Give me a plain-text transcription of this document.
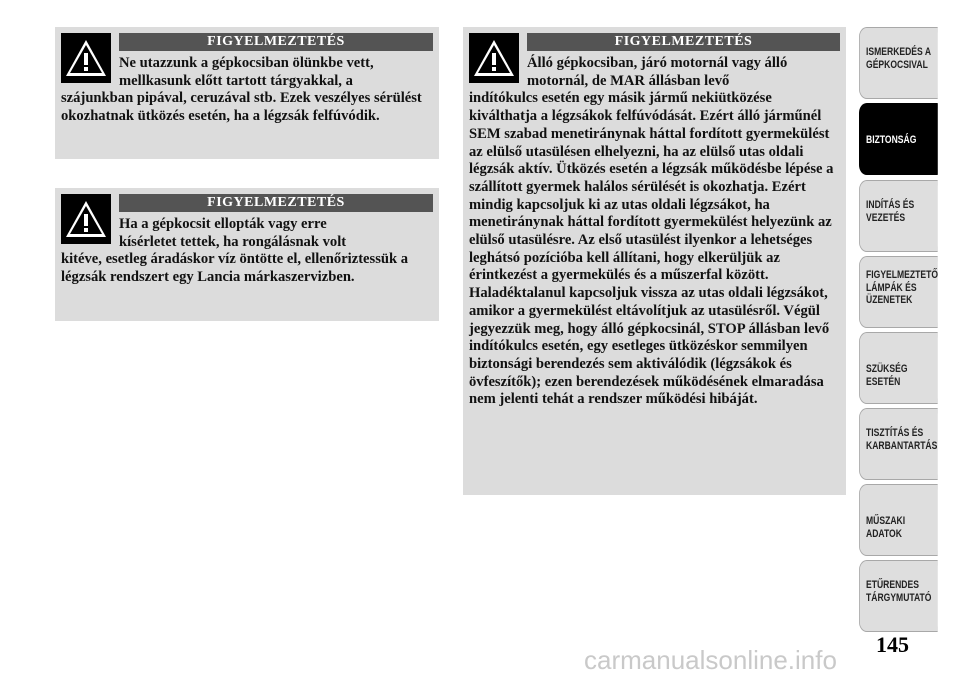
FIGYELMEZTETÉS

Ne utazzunk a gépkocsiban ölünkbe vett,
mellkasunk előtt tartott tárgyakkal, a
szájunkban pipával, ceruzával stb. Ezek veszélyes sérülést okozhatnak ütközés esetén, ha a légzsák felfúvódik.

FIGYELMEZTETÉS

Ha a gépkocsit ellopták vagy erre
kísérletet tettek, ha rongálásnak volt
kitéve, esetleg áradáskor víz öntötte el, ellenőriztessük a légzsák rendszert egy Lancia márkaszervizben.

FIGYELMEZTETÉS

Álló gépkocsiban, járó motornál vagy álló
motornál, de MAR állásban levő
indítókulcs esetén egy másik jármű nekiütközése kiválthatja a légzsákok felfúvódását. Ezért álló járműnél SEM szabad menetiránynak háttal fordított gyermekülést az elülső utasülésen elhelyezni, ha az elülső utas oldali légzsák aktív. Ütközés esetén a légzsák működésbe lépése a szállított gyermek halálos sérülését is okozhatja. Ezért mindig kapcsoljuk ki az utas oldali légzsákot, ha menetiránynak háttal fordított gyermekülést helyezünk az elülső utasülésre. Az első utasülést ilyenkor a lehetséges leghátsó pozícióba kell állítani, hogy elkerüljük az érintkezést a gyermekülés és a műszerfal között. Haladéktalanul kapcsoljuk vissza az utas oldali légzsákot, amikor a gyermekülést eltávolítjuk az utasülésről. Végül jegyezzük meg, hogy álló gépkocsinál, STOP állásban levő indítókulcs esetén, egy esetleges ütközéskor semmilyen biztonsági berendezés sem aktiválódik (légzsákok és övfeszítők); ezen berendezések működésének elmaradása nem jelenti tehát a rendszer működési hibáját.

ISMERKEDÉS A
GÉPKOCSIVAL
BIZTONSÁG
INDÍTÁS ÉS
VEZETÉS
FIGYELMEZTETŐ
LÁMPÁK ÉS
ÜZENETEK
SZÜKSÉG ESETÉN
TISZTÍTÁS ÉS
KARBANTARTÁS
MŰSZAKI ADATOK
ETŰRENDES
TÁRGYMUTATÓ
145
carmanualsonline.info
